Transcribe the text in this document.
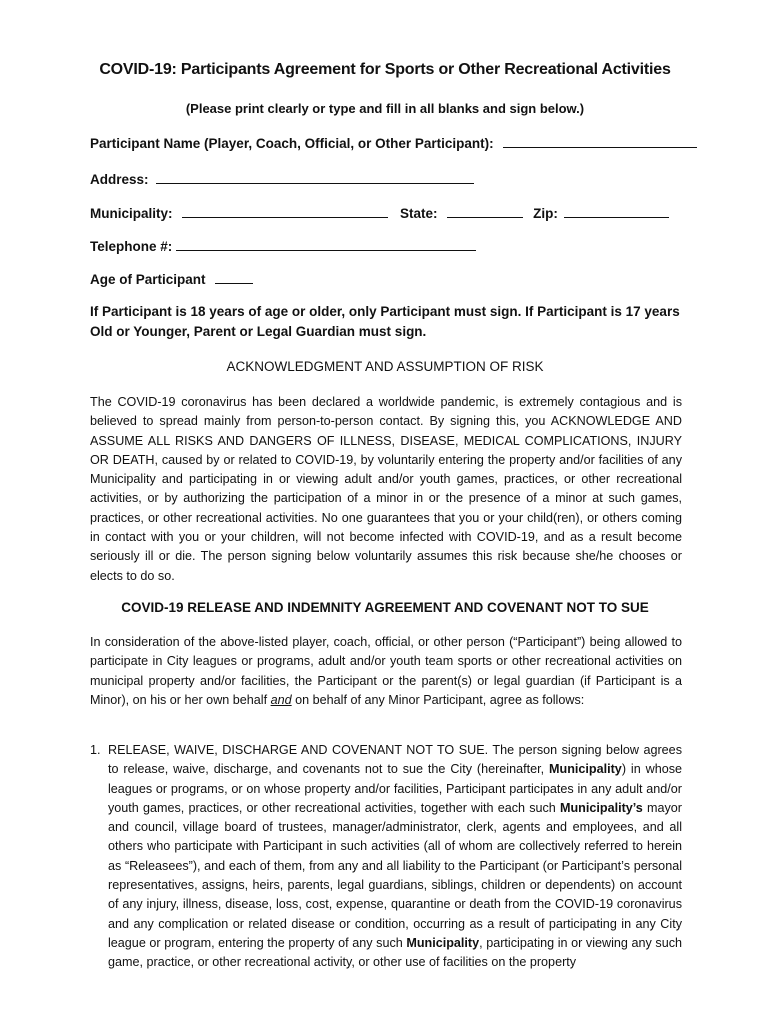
COVID-19: Participants Agreement for Sports or Other Recreational Activities
(Please print clearly or type and fill in all blanks and sign below.)
Participant Name (Player, Coach, Official, or Other Participant):
Address:
Municipality:	State:	Zip:
Telephone #:
Age of Participant
If Participant is 18 years of age or older, only Participant must sign. If Participant is 17 years Old or Younger, Parent or Legal Guardian must sign.
ACKNOWLEDGMENT AND ASSUMPTION OF RISK
The COVID-19 coronavirus has been declared a worldwide pandemic, is extremely contagious and is believed to spread mainly from person-to-person contact. By signing this, you ACKNOWLEDGE AND ASSUME ALL RISKS AND DANGERS OF ILLNESS, DISEASE, MEDICAL COMPLICATIONS, INJURY OR DEATH, caused by or related to COVID-19, by voluntarily entering the property and/or facilities of any Municipality and participating in or viewing adult and/or youth games, practices, or other recreational activities, or by authorizing the participation of a minor in or the presence of a minor at such games, practices, or other recreational activities. No one guarantees that you or your child(ren), or others coming in contact with you or your children, will not become infected with COVID-19, and as a result become seriously ill or die. The person signing below voluntarily assumes this risk because she/he chooses or elects to do so.
COVID-19 RELEASE AND INDEMNITY AGREEMENT AND COVENANT NOT TO SUE
In consideration of the above-listed player, coach, official, or other person (“Participant”) being allowed to participate in City leagues or programs, adult and/or youth team sports or other recreational activities on municipal property and/or facilities, the Participant or the parent(s) or legal guardian (if Participant is a Minor), on his or her own behalf and on behalf of any Minor Participant, agree as follows:
1. RELEASE, WAIVE, DISCHARGE AND COVENANT NOT TO SUE. The person signing below agrees to release, waive, discharge, and covenants not to sue the City (hereinafter, Municipality) in whose leagues or programs, or on whose property and/or facilities, Participant participates in any adult and/or youth games, practices, or other recreational activities, together with each such Municipality’s mayor and council, village board of trustees, manager/administrator, clerk, agents and employees, and all others who participate with Participant in such activities (all of whom are collectively referred to herein as “Releasees”), and each of them, from any and all liability to the Participant (or Participant’s personal representatives, assigns, heirs, parents, legal guardians, siblings, children or dependents) on account of any injury, illness, disease, loss, cost, expense, quarantine or death from the COVID-19 coronavirus and any complication or related disease or condition, occurring as a result of participating in any City league or program, entering the property of any such Municipality, participating in or viewing any such game, practice, or other recreational activity, or other use of facilities on the property
